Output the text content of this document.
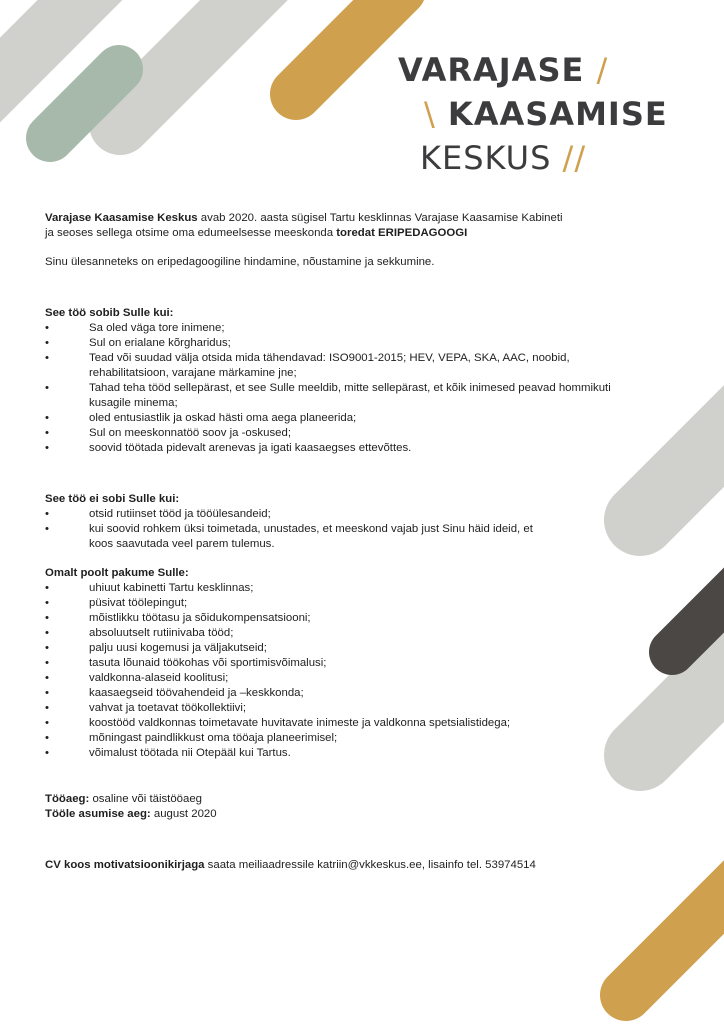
VARAJASE /
\ KAASAMISE
KESKUS //

Varajase Kaasamise Keskus avab 2020. aasta sügisel Tartu kesklinnas Varajase Kaasamise Kabineti

ja seoses sellega otsime oma edumeelsesse meeskonda toredat ERIPEDAGOOGI

Sinu ülesanneteks on eripedagoogiline hindamine, nõustamine ja sekkumine.

See töö sobib Sulle kui:

• Sa oled väga tore inimene;
• Sul on erialane kõrgharidus;
• Tead või suudad välja otsida mida tähendavad: ISO9001-2015; HEV, VEPA, SKA, AAC, noobid, rehabilitatsioon, varajane märkamine jne;
• Tahad teha tööd sellepärast, et see Sulle meeldib, mitte sellepärast, et kõik inimesed peavad hommikuti kusagile minema;
• oled entusiastlik ja oskad hästi oma aega planeerida;
• Sul on meeskonnatöö soov ja -oskused;
• soovid töötada pidevalt arenevas ja igati kaasaegses ettevõttes.

See töö ei sobi Sulle kui:

• otsid rutiinset tööd ja tööülesandeid;
• kui soovid rohkem üksi toimetada, unustades, et meeskond vajab just Sinu häid ideid, et koos saavutada veel parem tulemus.

Omalt poolt pakume Sulle:

• uhiuut kabinetti Tartu kesklinnas;
• püsivat töölepingut;
• mõistlikku töötasu ja sõidukompensatsiooni;
• absoluutselt rutiinivaba tööd;
• palju uusi kogemusi ja väljakutseid;
• tasuta lõunaid töökohas või sportimisvõimalusi;
• valdkonna-alaseid koolitusi;
• kaasaegseid töövahendeid ja –keskkonda;
• vahvat ja toetavat töökollektiivi;
• koostööd valdkonnas toimetavate huvitavate inimeste ja valdkonna spetsialistidega;
• mõningast paindlikkust oma tööaja planeerimisel;
• võimalust töötada nii Otepääl kui Tartus.

Tööaeg: osaline või täistööaeg

Tööle asumise aeg: august 2020

CV koos motivatsioonikirjaga saata meiliaadressile katriin@vkkeskus.ee, lisainfo tel. 53974514
